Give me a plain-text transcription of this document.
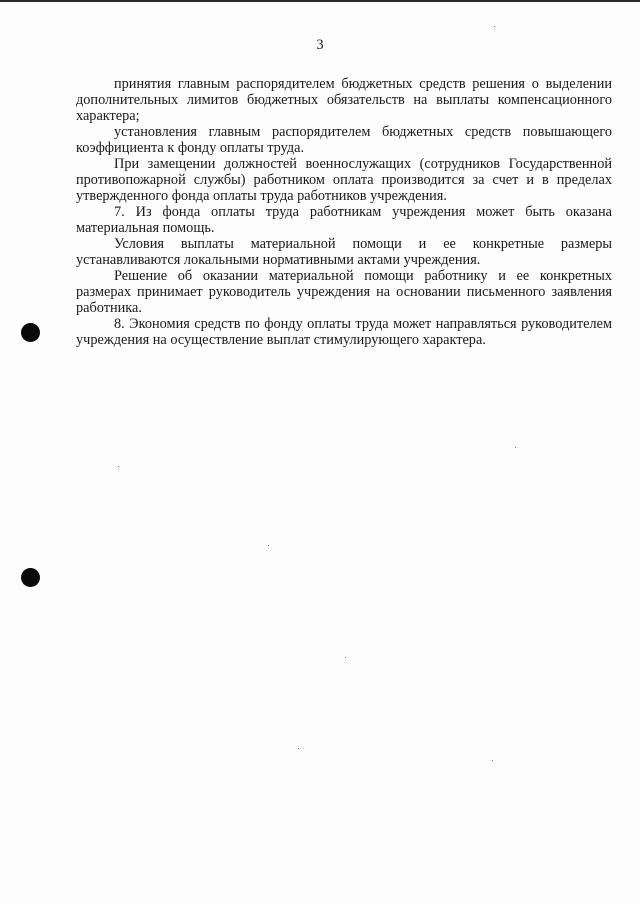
3

принятия главным распорядителем бюджетных средств решения о выделении дополнительных лимитов бюджетных обязательств на выплаты компенсационного характера;

установления главным распорядителем бюджетных средств повышающего коэффициента к фонду оплаты труда.

При замещении должностей военнослужащих (сотрудников Государственной противопожарной службы) работником оплата производится за счет и в пределах утвержденного фонда оплаты труда работников учреждения.

7. Из фонда оплаты труда работникам учреждения может быть оказана материальная помощь.

Условия выплаты материальной помощи и ее конкретные размеры устанавливаются локальными нормативными актами учреждения.

Решение об оказании материальной помощи работнику и ее конкретных размерах принимает руководитель учреждения на основании письменного заявления работника.

8. Экономия средств по фонду оплаты труда может направляться руководителем учреждения на осуществление выплат стимулирующего характера.
